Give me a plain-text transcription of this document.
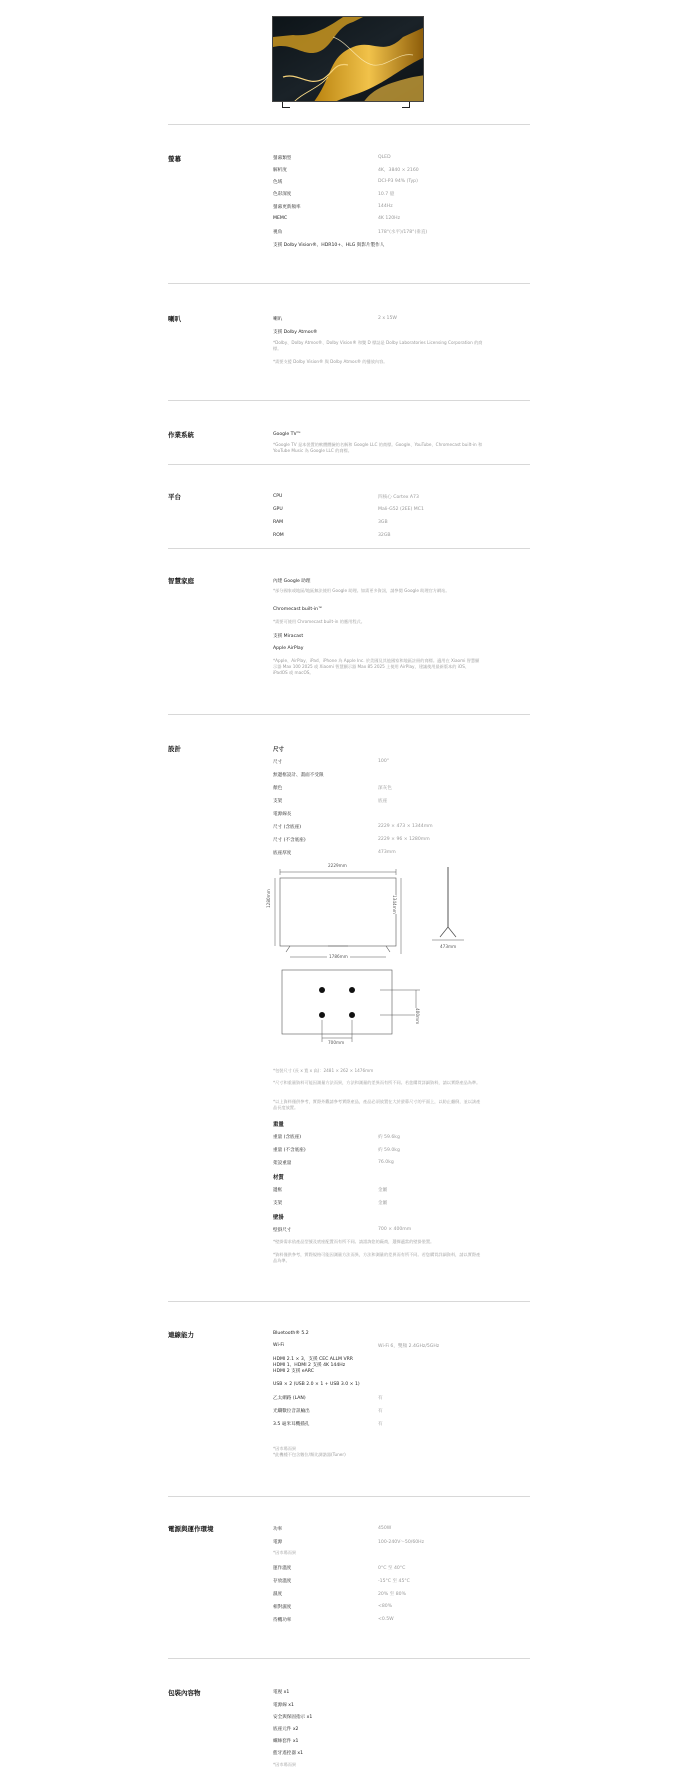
螢幕	螢幕類型	QLED
解析度	4K，3840 × 2160
色域	DCI-P3 94% (Typ)
色彩深度	10.7 億
螢幕更新頻率	144Hz
MEMC	4K 120Hz
視角	178°(水平)/178°(垂直)
支援 Dolby Vision®、HDR10+、HLG 與影片製作人
喇叭	喇叭	2 x 15W
支援 Dolby Atmos®
*Dolby、Dolby Atmos®、Dolby Vision® 和雙 D 標誌是 Dolby Laboratories Licensing Corporation 的商標。
*需要支援 Dolby Vision® 與 Dolby Atmos® 的播放內容。
作業系統	Google TV™
*Google TV 是本裝置的軟體體驗的名稱和 Google LLC 的商標。Google、YouTube、Chromecast built-in 和 YouTube Music 為 Google LLC 的商標。
平台	CPU	四核心 Cortex A73
GPU	Mali-G52 (2EE) MC1
RAM	3GB
ROM	32GB
智慧家庭	內建 Google 助理
*部分國家或地區/地區無法使用 Google 助理。如需更多資訊，請參閱 Google 助理官方網站。
Chromecast built-in™
*需要可使用 Chromecast built-in 的應用程式。
支援 Miracast
Apple AirPlay
*Apple、AirPlay、iPad、iPhone 為 Apple Inc. 於美國及其他國家和地區註冊的商標。適用在 Xiaomi 智慧顯示器 Max 100 2025 或 Xiaomi 智慧顯示器 Max 85 2025 上使用 AirPlay，建議使用最新版本的 iOS、iPadOS 或 macOS。
設計	尺寸
尺寸	100"
無邊框設計、畫面不受限
顏色	深灰色
支架	底座
電源線長
尺寸 (含底座)	2229 × 473 × 1344mm
尺寸 (不含底座)	2229 × 96 × 1280mm
底座厚度	473mm
2229mm
1280mm	1344mm
1786mm
473mm
400mm
700mm
*包裝尺寸 (長 x 寬 x 高)：2481 × 262 × 1476mm
*尺寸和重量資料可能因測量方法而異，方法和測量的差異而有所不同。若您購買詳細資料，請以實際產品為準。
*以上資料僅供參考，實際外觀請參考實際產品，產品必須放置在大於螢幕尺寸的平面上，以防止翻倒，並以該產品長度放置。
重量
重量 (含底座)	約 59.6kg
重量 (不含底座)	約 59.0kg
架設重量	76.0kg
材質
邊框	金屬
支架	金屬
壁掛
壁掛尺寸	700 × 400mm
*壁掛需求依產品型號及底座配置而有所不同。請諮詢您的廠商，選擇適當的壁掛裝置。
*資料僅供參考，實際規格可能因測量方法而異，方法和測量的差異而有所不同。若您購買詳細資料，請以實際產品為準。
連線能力	Bluetooth® 5.2
Wi-Fi	Wi-Fi 6，雙頻 2.4GHz/5GHz
HDMI 2.1 × 3，支援 CEC ALLM VRR
HDMI 1、HDMI 2 支援 4K 144Hz
HDMI 2 支援 eARC
USB × 2 (USB 2.0 × 1 + USB 3.0 × 1)
乙太網路 (LAN)	有
光纖數位音訊輸出	有
3.5 毫米耳機插孔	有
*因市場而異
*此機種不包含數位/類比調諧器(Tuner)
電源與運作環境	功率	450W
電源	100-240V～50/60Hz
*因市場而異
運作溫度	0°C 至 40°C
存放溫度	-15°C 至 45°C
濕度	20% 至 80%
相對濕度	<80%
待機功率	<0.5W
包裝內容物	電視 x1
電源線 x1
安全與保固指示 x1
底座元件 x2
螺絲套件 x1
藍牙遙控器 x1
*因市場而異
